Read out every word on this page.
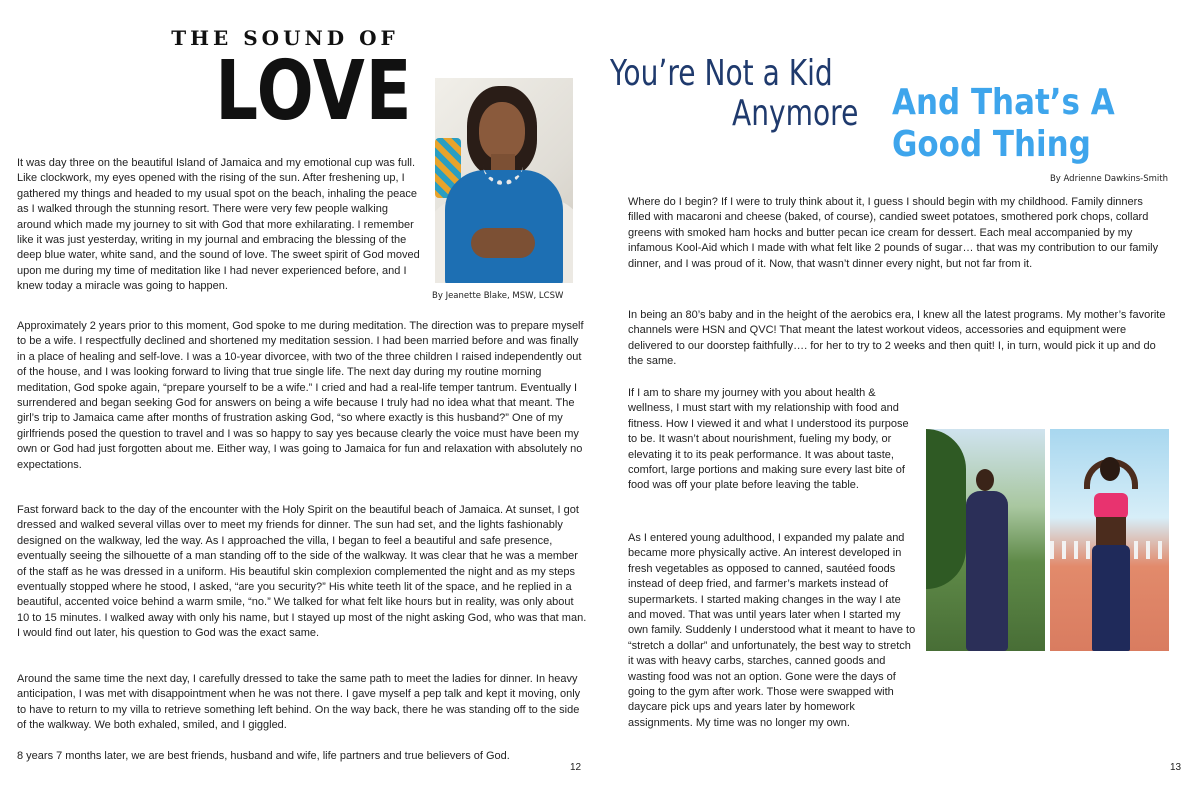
THE SOUND OF
LOVE
By Jeanette Blake, MSW, LCSW

It was day three on the beautiful Island of Jamaica and my emotional cup was full. Like clockwork, my eyes opened with the rising of the sun. After freshening up, I gathered my things and headed to my usual spot on the beach, inhaling the peace as I walked through the stunning resort. There were very few people walking around which made my journey to sit with God that more exhilarating. I remember like it was just yesterday, writing in my journal and embracing the blessing of the deep blue water, white sand, and the sound of love. The sweet spirit of God moved upon me during my time of meditation like I had never experienced before, and I knew today a miracle was going to happen.

Approximately 2 years prior to this moment, God spoke to me during meditation. The direction was to prepare myself to be a wife. I respectfully declined and shortened my meditation session. I had been married before and was finally in a place of healing and self-love. I was a 10-year divorcee, with two of the three children I raised independently out of the house, and I was looking forward to living that true single life. The next day during my routine morning meditation, God spoke again, “prepare yourself to be a wife.” I cried and had a real-life temper tantrum. Eventually I surrendered and began seeking God for answers on being a wife because I truly had no idea what that meant. The girl’s trip to Jamaica came after months of frustration asking God, “so where exactly is this husband?” One of my girlfriends posed the question to travel and I was so happy to say yes because clearly the voice must have been my own or God had just forgotten about me. Either way, I was going to Jamaica for fun and relaxation with absolutely no expectations.

Fast forward back to the day of the encounter with the Holy Spirit on the beautiful beach of Jamaica. At sunset, I got dressed and walked several villas over to meet my friends for dinner. The sun had set, and the lights fashionably designed on the walkway, led the way. As I approached the villa, I began to feel a beautiful and safe presence, eventually seeing the silhouette of a man standing off to the side of the walkway. It was clear that he was a member of the staff as he was dressed in a uniform. His beautiful skin complexion complemented the night and as my steps eventually stopped where he stood, I asked, “are you security?” His white teeth lit of the space, and he replied in a beautiful, accented voice behind a warm smile, “no.” We talked for what felt like hours but in reality, was only about 10 to 15 minutes. I walked away with only his name, but I stayed up most of the night asking God, who was that man. I would find out later, his question to God was the exact same.

Around the same time the next day, I carefully dressed to take the same path to meet the ladies for dinner. In heavy anticipation, I was met with disappointment when he was not there. I gave myself a pep talk and kept it moving, only to have to return to my villa to retrieve something left behind. On the way back, there he was standing off to the side of the walkway. We both exhaled, smiled, and I giggled.

8 years 7 months later, we are best friends, husband and wife, life partners and true believers of God.

12
You’re Not a Kid
Anymore And That’s A
Good Thing
By Adrienne Dawkins-Smith

Where do I begin? If I were to truly think about it, I guess I should begin with my childhood. Family dinners filled with macaroni and cheese (baked, of course), candied sweet potatoes, smothered pork chops, collard greens with smoked ham hocks and butter pecan ice cream for dessert. Each meal accompanied by my infamous Kool-Aid which I made with what felt like 2 pounds of sugar… that was my contribution to our family dinner, and I was proud of it. Now, that wasn’t dinner every night, but not far from it.

In being an 80’s baby and in the height of the aerobics era, I knew all the latest programs. My mother’s favorite channels were HSN and QVC! That meant the latest workout videos, accessories and equipment were delivered to our doorstep faithfully…. for her to try to 2 weeks and then quit! I, in turn, would pick it up and do the same.

If I am to share my journey with you about health & wellness, I must start with my relationship with food and fitness. How I viewed it and what I understood its purpose to be. It wasn’t about nourishment, fueling my body, or elevating it to its peak performance. It was about taste, comfort, large portions and making sure every last bite of food was off your plate before leaving the table.

As I entered young adulthood, I expanded my palate and became more physically active. An interest developed in fresh vegetables as opposed to canned, sautéed foods instead of deep fried, and farmer’s markets instead of supermarkets. I started making changes in the way I ate and moved. That was until years later when I started my own family. Suddenly I understood what it meant to have to “stretch a dollar” and unfortunately, the best way to stretch it was with heavy carbs, starches, canned goods and wasting food was not an option. Gone were the days of going to the gym after work. Those were swapped with daycare pick ups and years later by homework assignments. My time was no longer my own.

13
